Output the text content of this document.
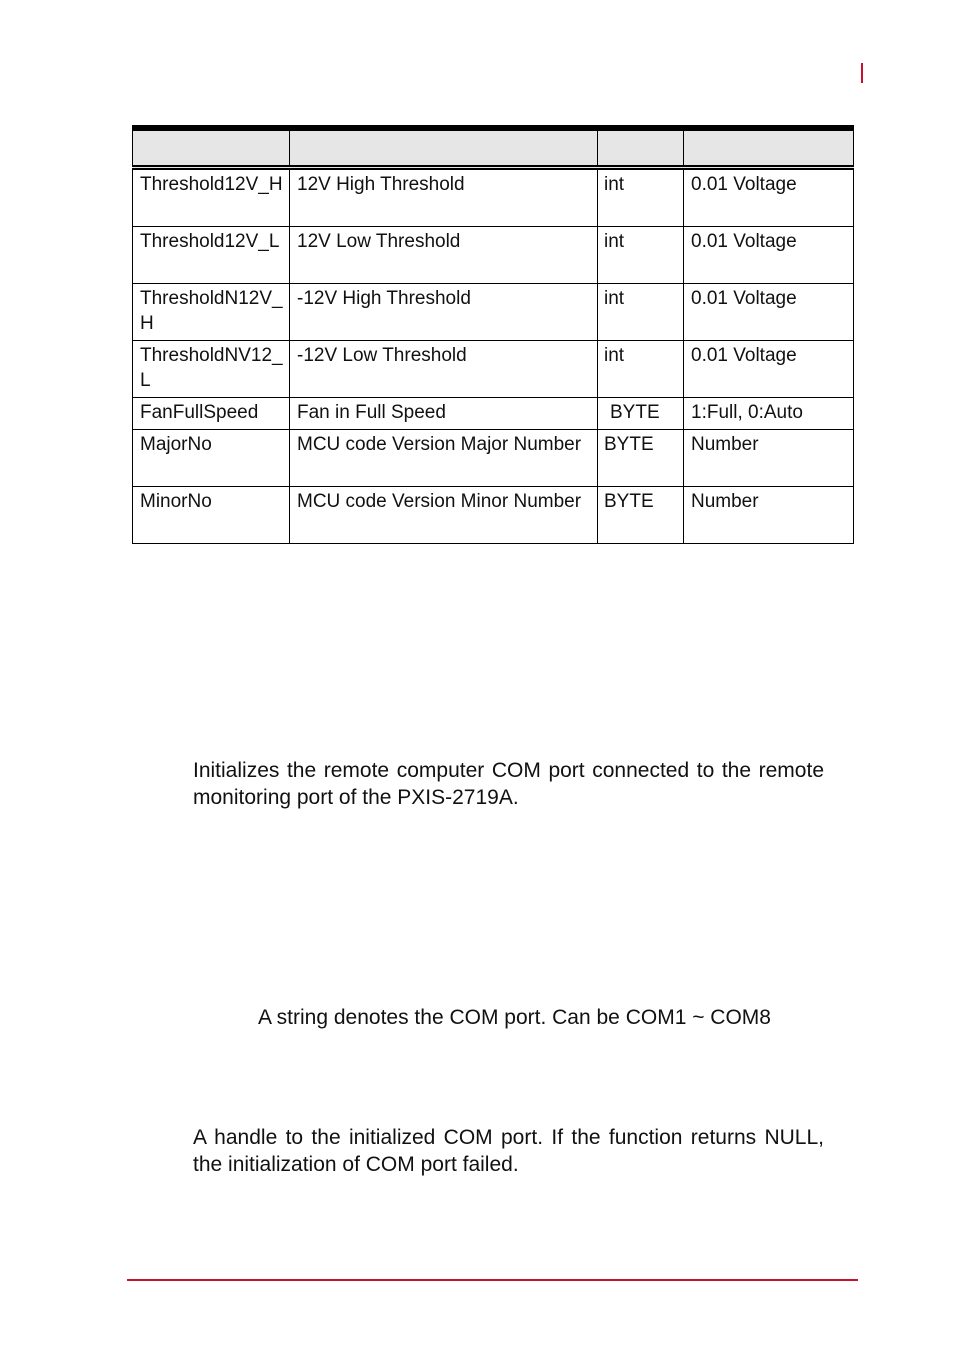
Threshold12V_H	12V High Threshold	int	0.01 Voltage
Threshold12V_L	12V Low Threshold	int	0.01 Voltage
ThresholdN12V_H	-12V High Threshold	int	0.01 Voltage
ThresholdNV12_L	-12V Low Threshold	int	0.01 Voltage
FanFullSpeed	Fan in Full Speed	BYTE	1:Full, 0:Auto
MajorNo	MCU code Version Major Number	BYTE	Number
MinorNo	MCU code Version Minor Number	BYTE	Number

Initializes the remote computer COM port connected to the remote monitoring port of the PXIS-2719A.

A string denotes the COM port. Can be COM1 ~ COM8

A handle to the initialized COM port. If the function returns NULL, the initialization of COM port failed.
